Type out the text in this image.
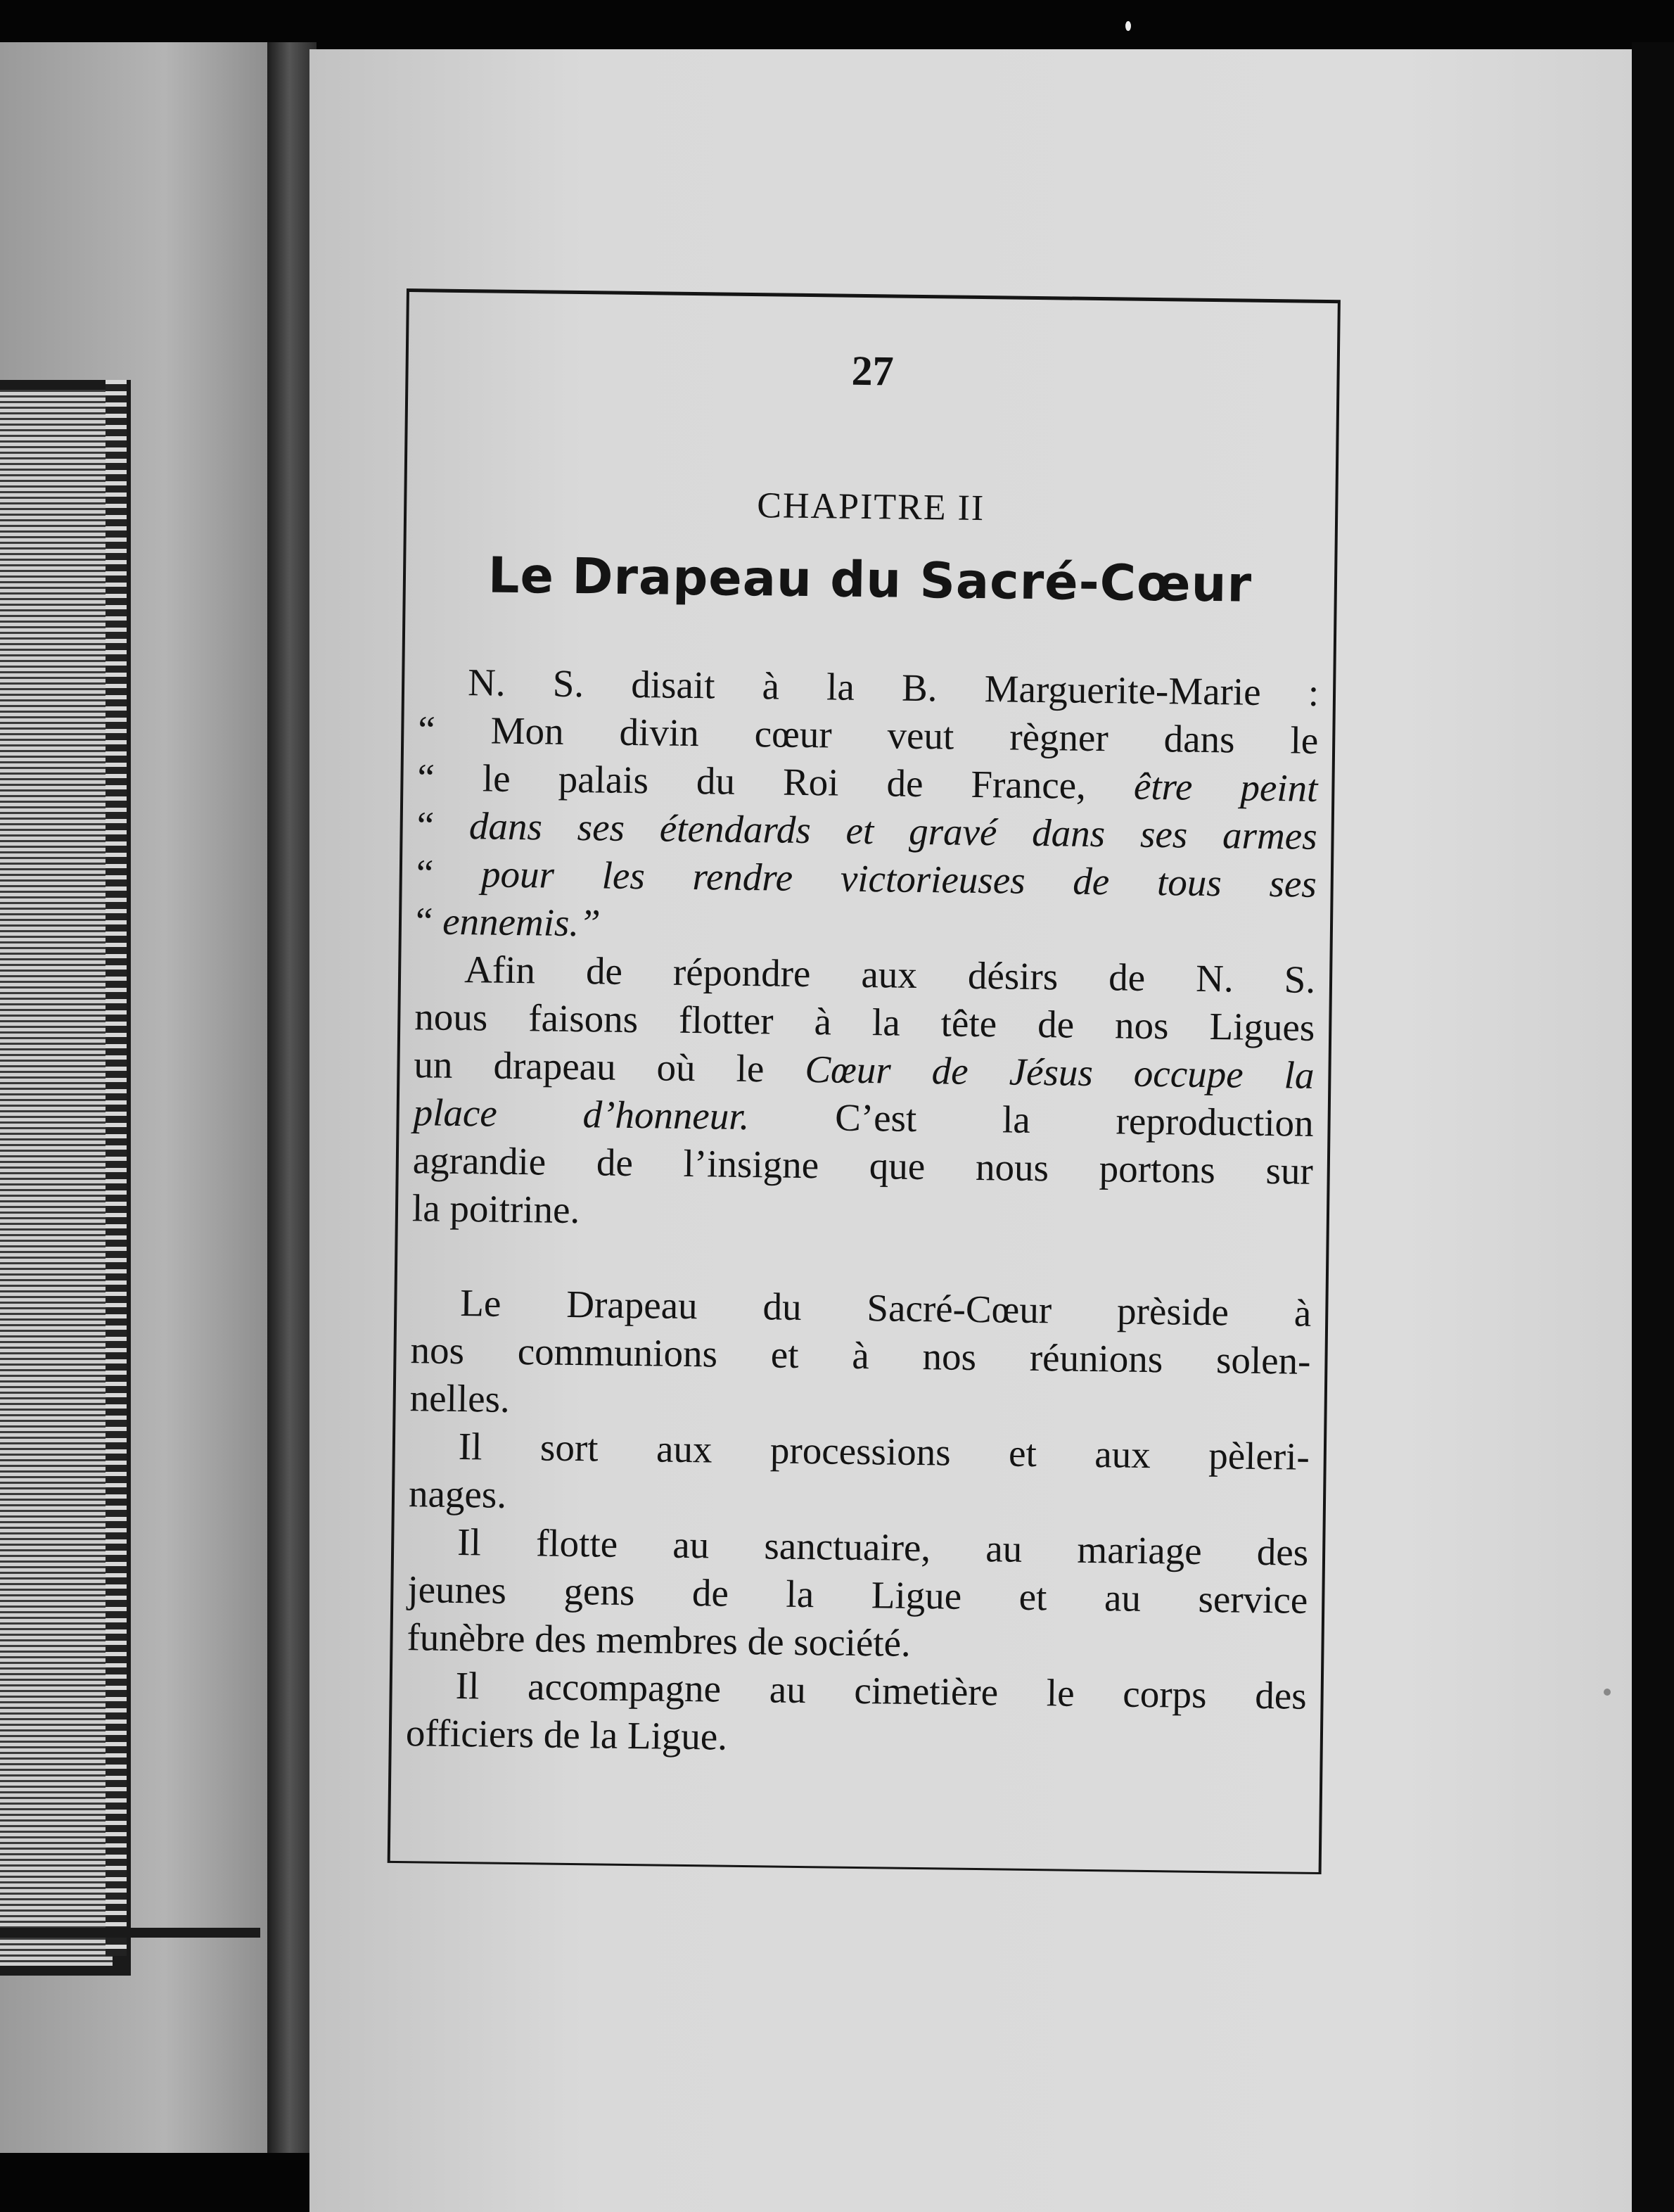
27
CHAPITRE II
Le Drapeau du Sacré-Cœur

N. S. disait à la B. Marguerite-Marie :
“ Mon divin cœur veut règner dans le
“ le palais du Roi de France, être peint
“ dans ses étendards et gravé dans ses armes
“ pour les rendre victorieuses de tous ses
“ ennemis.”

Afin de répondre aux désirs de N. S.
nous faisons flotter à la tête de nos Ligues
un drapeau où le Cœur de Jésus occupe la
place d’honneur. C’est la reproduction
agrandie de l’insigne que nous portons sur
la poitrine.

Le Drapeau du Sacré-Cœur prèside à
nos communions et à nos réunions solen-
nelles.

Il sort aux processions et aux pèleri-
nages.

Il flotte au sanctuaire, au mariage des
jeunes gens de la Ligue et au service
funèbre des membres de société.

Il accompagne au cimetière le corps des
officiers de la Ligue.
